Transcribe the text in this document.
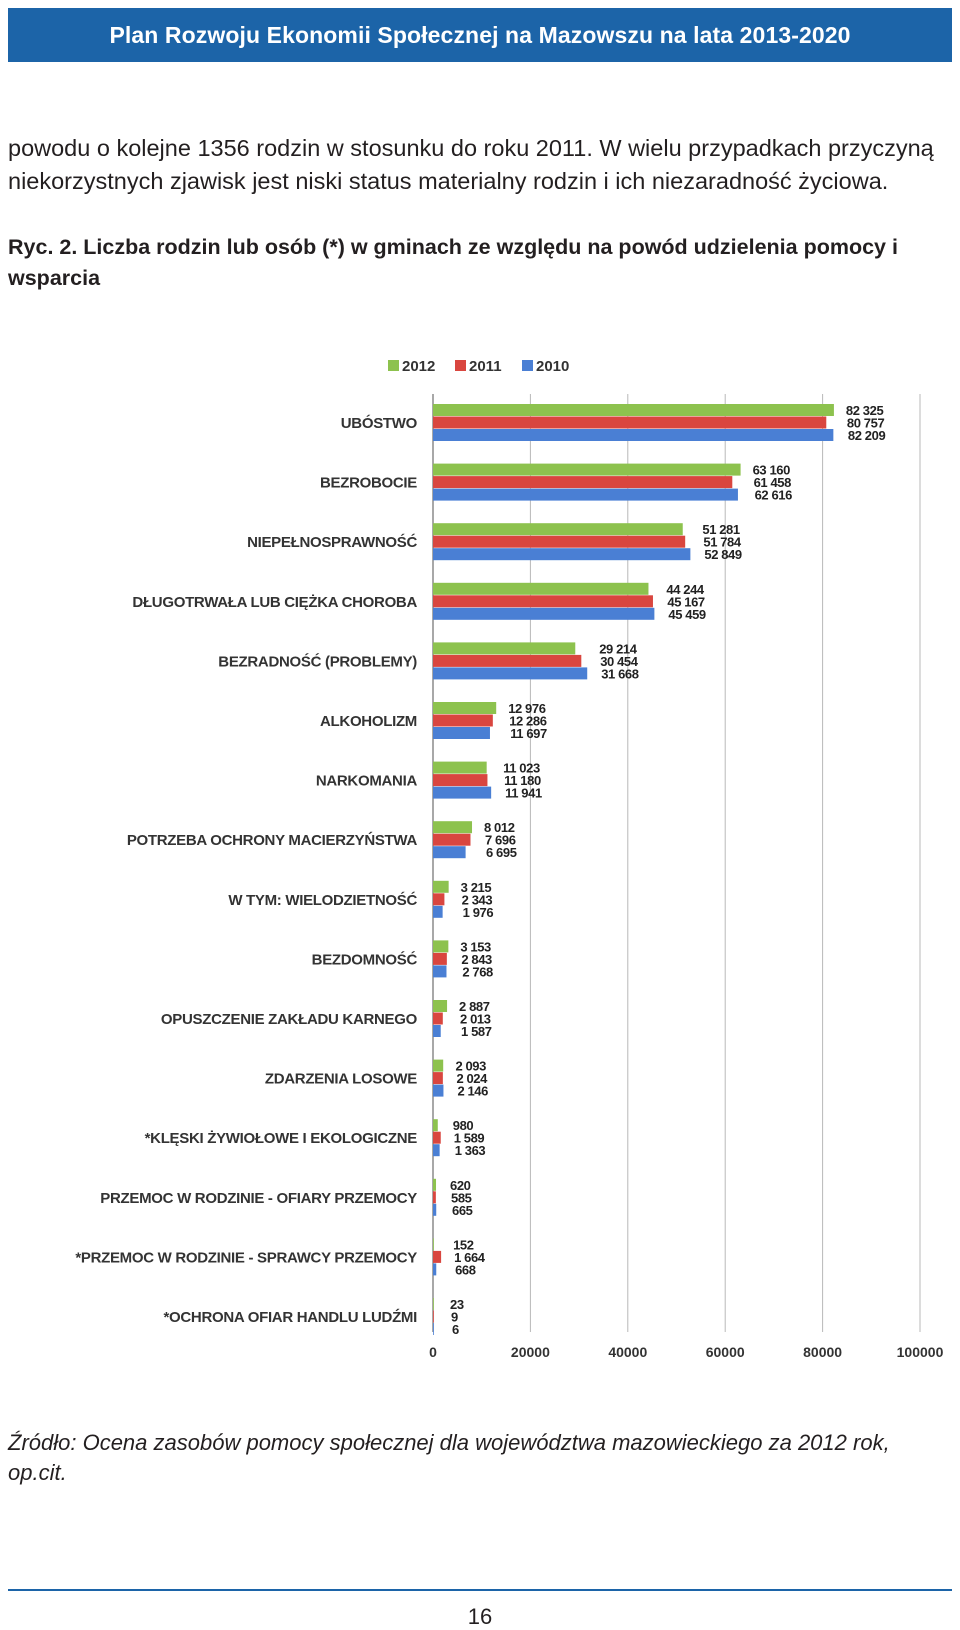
Plan Rozwoju Ekonomii Społecznej na Mazowszu na lata 2013-2020
powodu o kolejne 1356 rodzin w stosunku do roku 2011. W wielu przypadkach przyczyną niekorzystnych zjawisk jest niski status materialny rodzin i ich niezaradność życiowa.
Ryc. 2. Liczba rodzin lub osób (*) w gminach ze względu na powód udzielenia pomocy i wsparcia
0	20000	40000	60000	80000	100000
2012 2011 2010
UBÓSTWO
82 325
80 757
82 209
BEZROBOCIE
63 160
61 458
62 616
NIEPEŁNOSPRAWNOŚĆ
51 281
51 784
52 849
DŁUGOTRWAŁA LUB CIĘŻKA CHOROBA
44 244
45 167
45 459
BEZRADNOŚĆ (PROBLEMY)
29 214
30 454
31 668
ALKOHOLIZM
12 976
12 286
11 697
NARKOMANIA
11 023
11 180
11 941
POTRZEBA OCHRONY MACIERZYŃSTWA
8 012
7 696
6 695
W TYM: WIELODZIETNOŚĆ
3 215
2 343
1 976
BEZDOMNOŚĆ
3 153
2 843
2 768
OPUSZCZENIE ZAKŁADU KARNEGO
2 887
2 013
1 587
ZDARZENIA LOSOWE
2 093
2 024
2 146
*KLĘSKI ŻYWIOŁOWE I EKOLOGICZNE
980
1 589
1 363
PRZEMOC W RODZINIE - OFIARY PRZEMOCY
620
585
665
*PRZEMOC W RODZINIE - SPRAWCY PRZEMOCY
152
1 664
668
*OCHRONA OFIAR HANDLU LUDŹMI
23
9
6
Źródło: Ocena zasobów pomocy społecznej dla województwa mazowieckiego za 2012 rok, op.cit.
16
